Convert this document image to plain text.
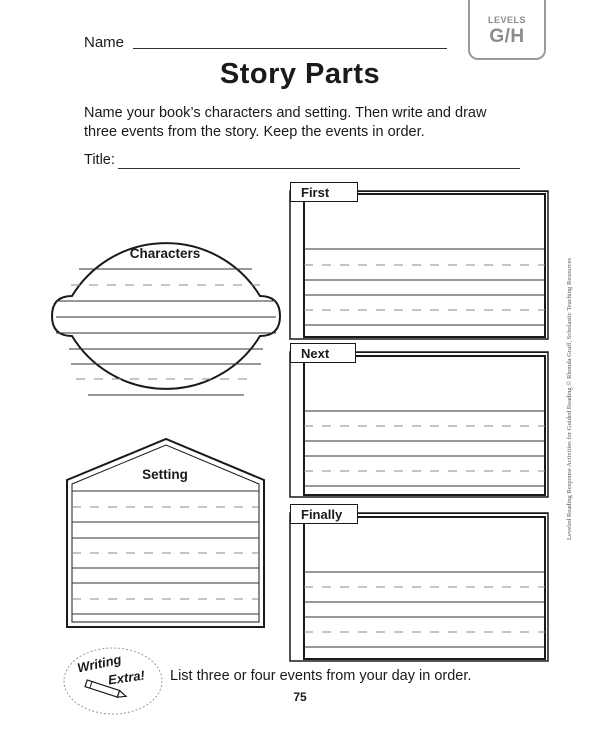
LEVELS
G/H
Name
Story Parts
Name your book’s characters and setting. Then write and draw three events from the story. Keep the events in order.
Title:
Characters
Setting
First
Next
Finally	Leveled Reading Response Activities for Guided Reading © Rhonda Graff, Scholastic Teaching Resources
Writing
Extra! List three or four events from your day in order.
75
